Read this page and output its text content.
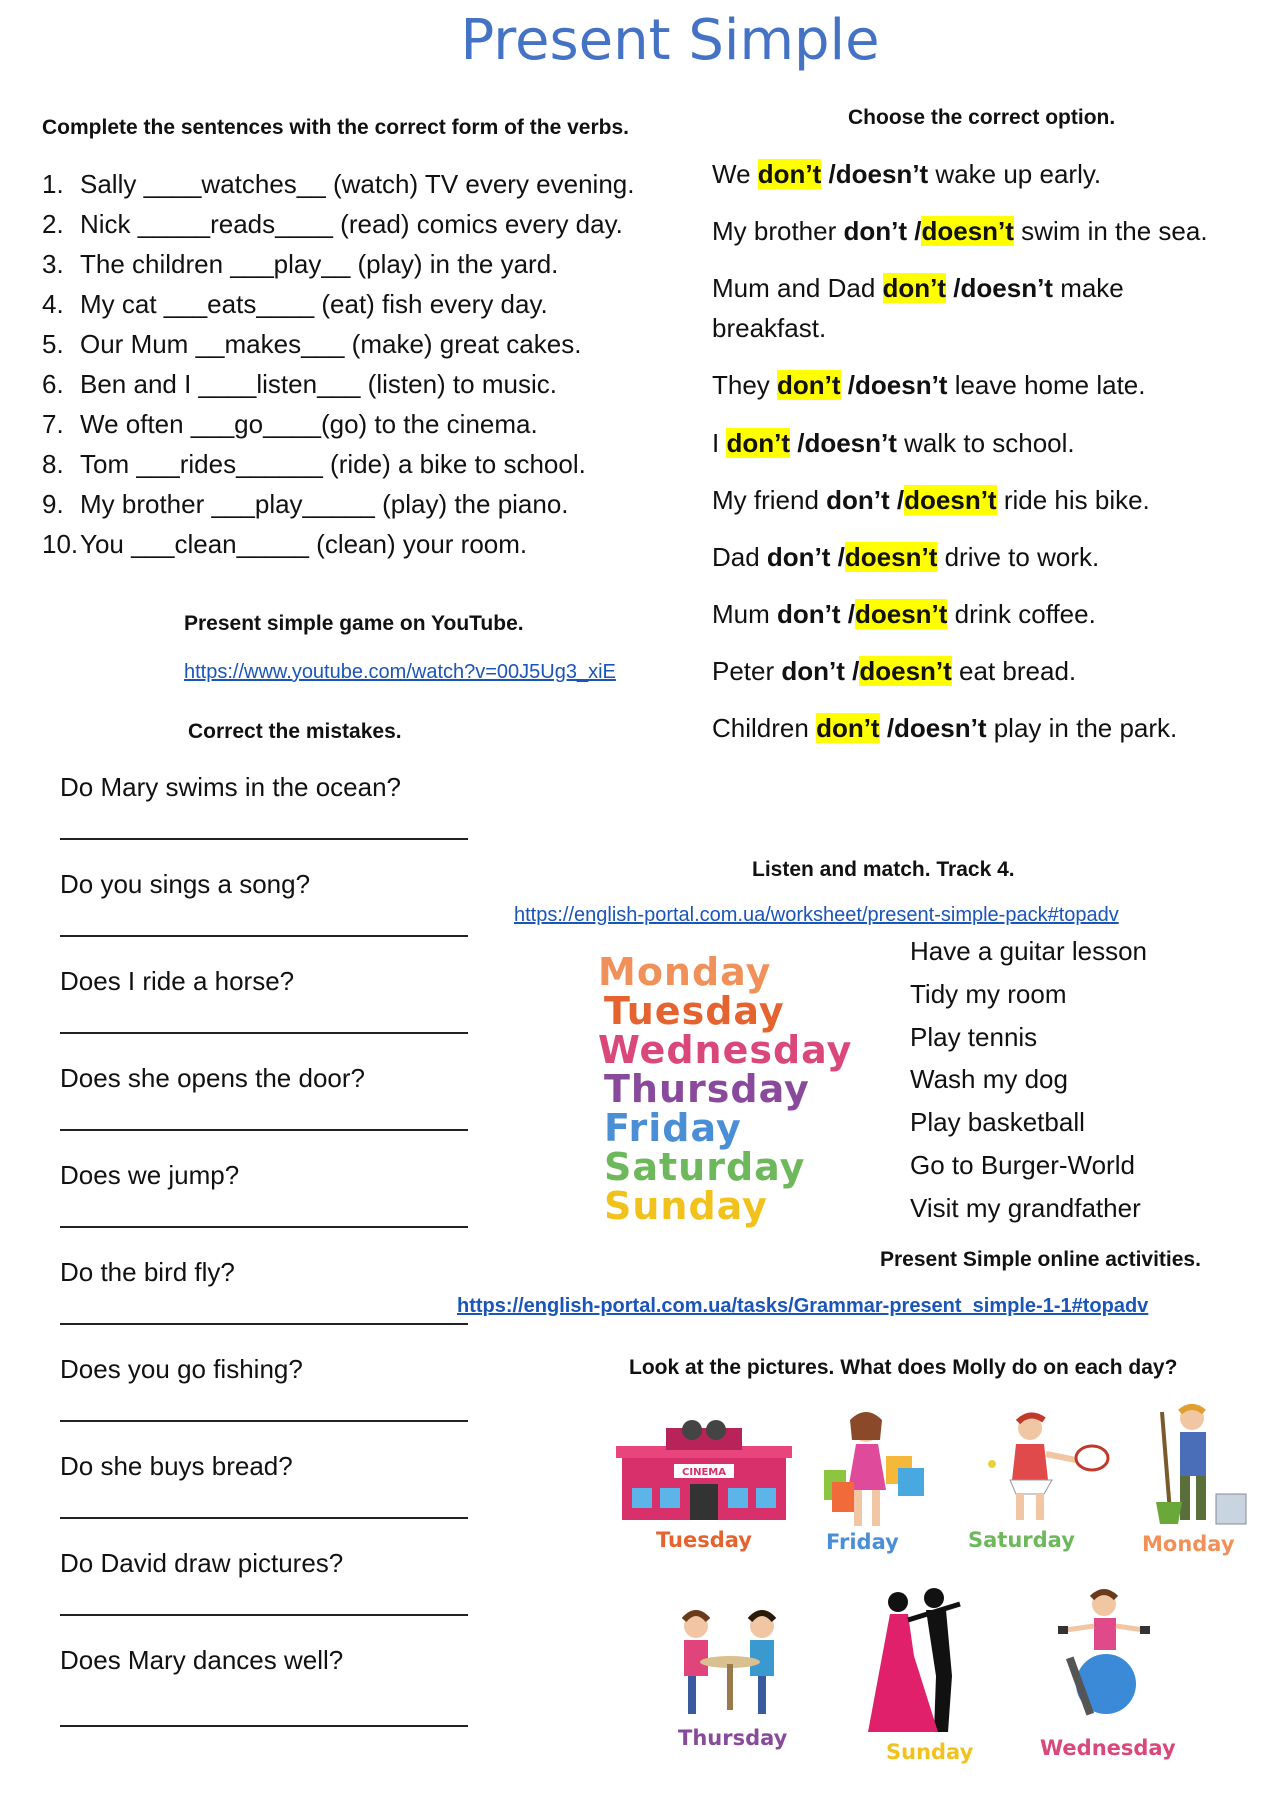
Present Simple
Complete the sentences with the correct form of the verbs.
1. Sally ____watches__ (watch) TV every evening.
2. Nick _____reads____ (read) comics every day.
3. The children ___play__ (play) in the yard.
4. My cat ___eats____ (eat) fish every day.
5. Our Mum __makes___ (make) great cakes.
6. Ben and I ____listen___ (listen) to music.
7. We often ___go____(go) to the cinema.
8. Tom ___rides______ (ride) a bike to school.
9. My brother ___play_____ (play) the piano.
10.You ___clean_____ (clean) your room.
Choose the correct option.

We don’t /doesn’t wake up early.

My brother don’t /doesn’t swim in the sea.

Mum and Dad don’t /doesn’t make

breakfast.

They don’t /doesn’t leave home late.

I don’t /doesn’t walk to school.

My friend don’t /doesn’t ride his bike.

Dad don’t /doesn’t drive to work.

Mum don’t /doesn’t drink coffee.

Peter don’t /doesn’t eat bread.

Children don’t /doesn’t play in the park.

Present simple game on YouTube.
https://www.youtube.com/watch?v=00J5Ug3_xiE
Correct the mistakes.
Do Mary swims in the ocean?
Do you sings a song?
Does I ride a horse?
Does she opens the door?
Does we jump?
Do the bird fly?
Does you go fishing?
Do she buys bread?
Do David draw pictures?
Does Mary dances well?
Listen and match. Track 4.
https://english-portal.com.ua/worksheet/present-simple-pack#topadv
Monday
Tuesday
Wednesday
Thursday
Friday
Saturday
Sunday
Have a guitar lesson
Tidy my room
Play tennis
Wash my dog
Play basketball
Go to Burger-World
Visit my grandfather
Present Simple online activities.
https://english-portal.com.ua/tasks/Grammar-present_simple-1-1#topadv
Look at the pictures. What does Molly do on each day?
CINEMA
Tuesday	Friday	Saturday	Monday
Thursday
Sunday	Wednesday
